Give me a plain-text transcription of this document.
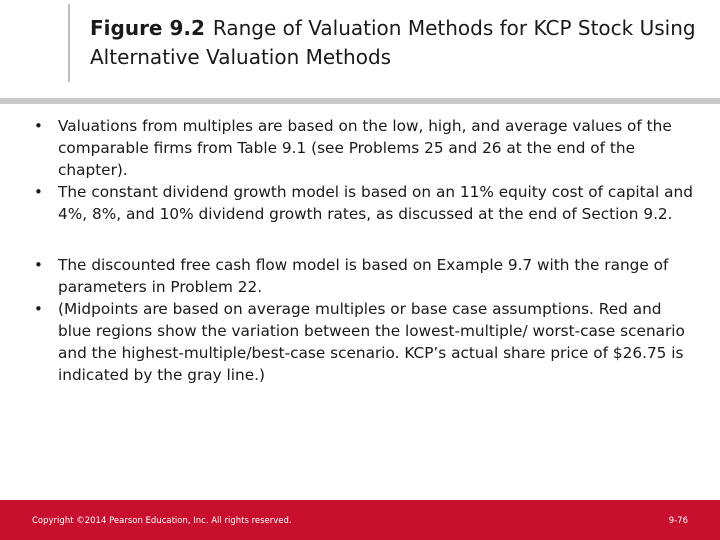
Figure 9.2 Range of Valuation Methods for KCP Stock Using Alternative Valuation Methods
• Valuations from multiples are based on the low, high, and average values of the comparable firms from Table 9.1 (see Problems 25 and 26 at the end of the chapter).
• The constant dividend growth model is based on an 11% equity cost of capital and 4%, 8%, and 10% dividend growth rates, as discussed at the end of Section 9.2.
• The discounted free cash flow model is based on Example 9.7 with the range of parameters in Problem 22.
• (Midpoints are based on average multiples or base case assumptions. Red and blue regions show the variation between the lowest-multiple/ worst-case scenario and the highest-multiple/best-case scenario. KCP’s actual share price of $26.75 is indicated by the gray line.)
Copyright ©2014 Pearson Education, Inc. All rights reserved.	9-76
